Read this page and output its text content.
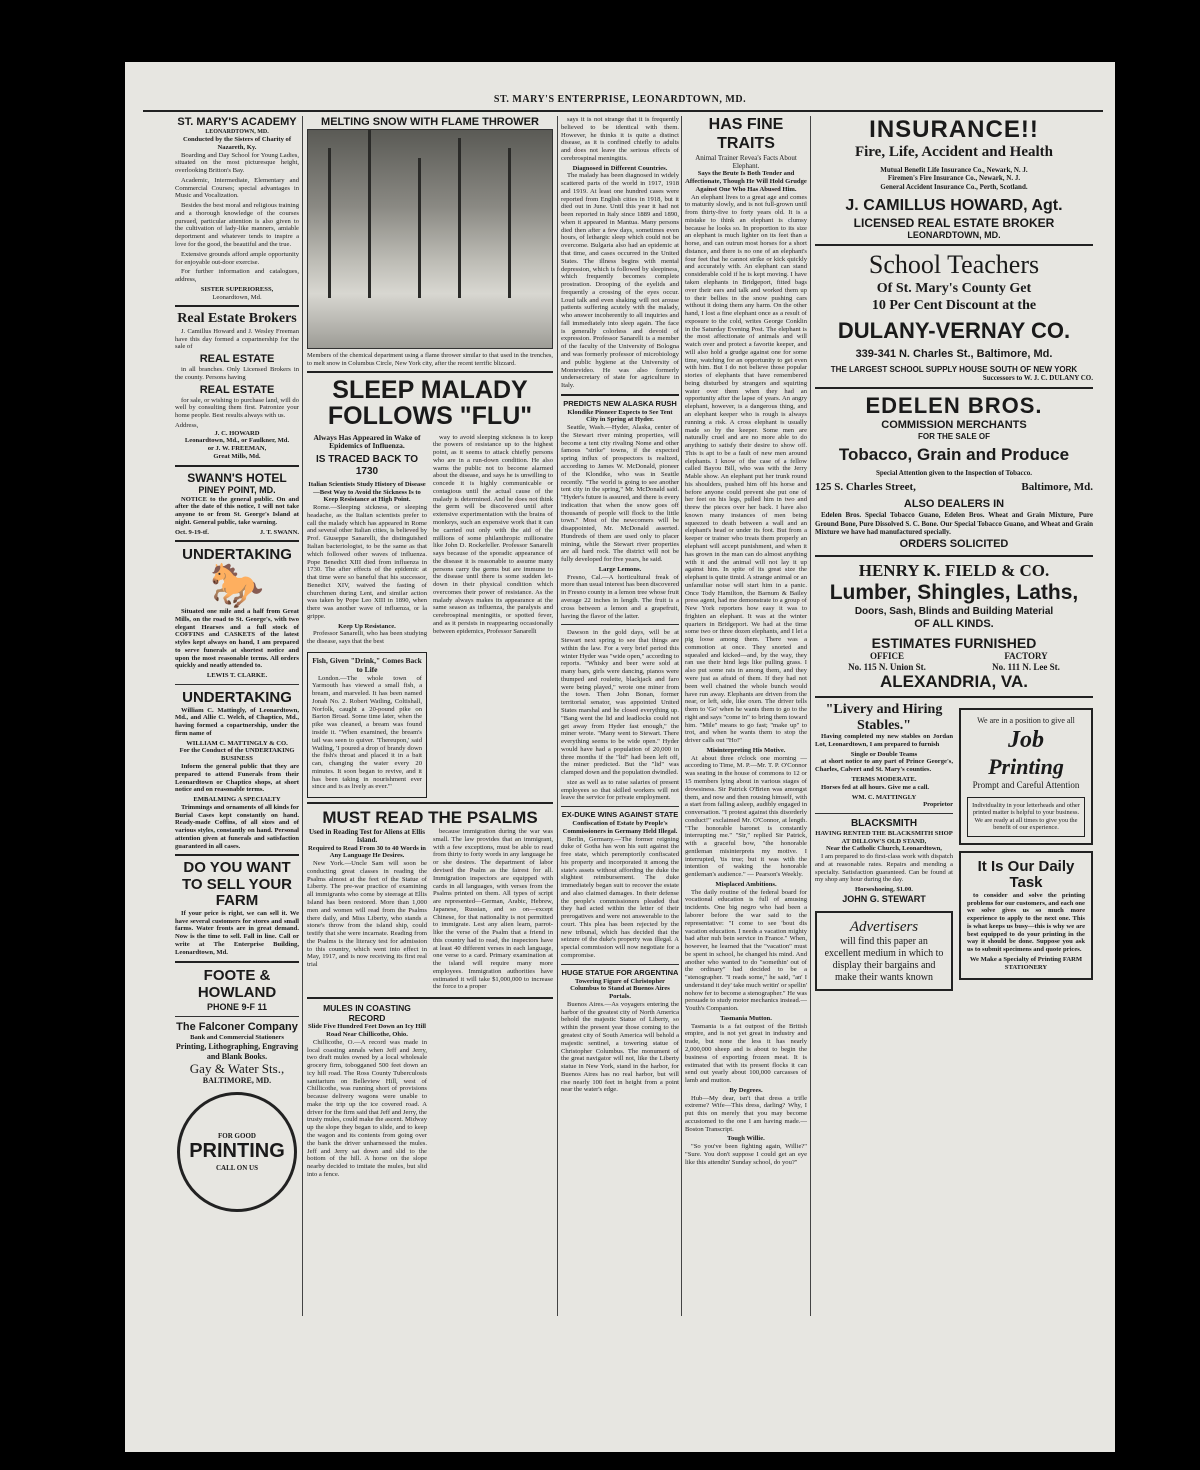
ST. MARY'S ENTERPRISE, LEONARDTOWN, MD.
ST. MARY'S ACADEMY
LEONARDTOWN, MD.
Conducted by the Sisters of Charity of Nazareth, Ky.

Boarding and Day School for Young Ladies, situated on the most picturesque height, overlooking Britton's Bay.

Academic, Intermediate, Elementary and Commercial Courses; special advantages in Music and Vocalization.

Besides the best moral and religious training and a thorough knowledge of the courses pursued, particular attention is also given to the cultivation of lady-like manners, amiable deportment and whatever tends to inspire a love for the good, the beautiful and the true.

Extensive grounds afford ample opportunity for enjoyable out-door exercise.

For further information and catalogues, address,

SISTER SUPERIORESS,
Leonardtown, Md.
Real Estate Brokers

J. Camillus Howard and J. Wesley Freeman have this day formed a copartnership for the sale of

REAL ESTATE

in all branches. Only Licensed Brokers in the county. Persons having

REAL ESTATE

for sale, or wishing to purchase land, will do well by consulting them first. Patronize your home people. Best results always with us.

Address,
J. C. HOWARD
Leonardtown, Md., or Faulkner, Md.
or J. W. FREEMAN,
Great Mills, Md.
SWANN'S HOTEL
PINEY POINT, MD.

NOTICE to the general public. On and after the date of this notice, I will not take anyone to or from St. George's Island at night. General public, take warning.

Oct. 9-19-tf.	J. T. SWANN.
UNDERTAKING
🐎

Situated one mile and a half from Great Mills, on the road to St. George's, with two elegant Hearses and a full stock of COFFINS and CASKETS of the latest styles kept always on hand, I am prepared to serve funerals at shortest notice and upon the most reasonable terms. All orders quickly and neatly attended to.

LEWIS T. CLARKE.
UNDERTAKING

William C. Mattingly, of Leonardtown, Md., and Allie C. Welch, of Chaptico, Md., having formed a copartnership, under the firm name of

WILLIAM C. MATTINGLY & CO.
For the Conduct of the UNDERTAKING BUSINESS

Inform the general public that they are prepared to attend Funerals from their Leonardtown or Chaptico shops, at short notice and on reasonable terms.

EMBALMING A SPECIALTY

Trimmings and ornaments of all kinds for Burial Cases kept constantly on hand. Ready-made Coffins, of all sizes and of various styles, constantly on hand. Personal attention given at funerals and satisfaction guaranteed in all cases.

DO YOU WANT TO SELL YOUR FARM

If your price is right, we can sell it. We have several customers for stores and small farms. Water fronts are in great demand. Now is the time to sell. Fall in line. Call or write at The Enterprise Building, Leonardtown, Md.

FOOTE & HOWLAND
PHONE 9-F 11
The Falconer Company
Bank and Commercial Stationers
Printing, Lithographing, Engraving and Blank Books.
Gay & Water Sts.,
BALTIMORE, MD.
FOR GOOD
PRINTING
CALL ON US
MELTING SNOW WITH FLAME THROWER
Members of the chemical department using a flame thrower similar to that used in the trenches, to melt snow in Columbus Circle, New York city, after the recent terrific blizzard.
SLEEP MALADY
FOLLOWS "FLU"
Always Has Appeared in Wake of Epidemics of Influenza.
IS TRACED BACK TO 1730
Italian Scientists Study History of Disease—Best Way to Avoid the Sickness Is to Keep Resistance at High Point.

Rome.—Sleeping sickness, or sleeping headache, as the Italian scientists prefer to call the malady which has appeared in Rome and several other Italian cities, is believed by Prof. Giuseppe Sanarelli, the distinguished Italian bacteriologist, to be the same as that which followed other waves of influenza. Pope Benedict XIII died from influenza in 1730. The after effects of the epidemic at that time were so baneful that his successor, Benedict XIV, waived the fasting of churchmen during Lent, and similar action was taken by Pope Leo XIII in 1890, when there was another wave of influenza, or la grippe.

Keep Up Resistance.

Professor Sanarelli, who has been studying the disease, says that the best

way to avoid sleeping sickness is to keep the powers of resistance up to the highest point, as it seems to attack chiefly persons who are in a run-down condition. He also warns the public not to become alarmed about the disease, and says he is unwilling to concede it is highly communicable or contagious until the actual cause of the malady is determined. And he does not think the germ will be discovered until after extensive experimentation with the brains of monkeys, such an expensive work that it can be carried out only with the aid of the millions of some philanthropic millionaire like John D. Rockefeller. Professor Sanarelli says because of the sporadic appearance of the disease it is reasonable to assume many persons carry the germs but are immune to the disease until there is some sudden let-down in their physical condition which overcomes their power of resistance. As the malady always makes its appearance at the same season as influenza, the paralysis and cerebrospinal meningitis, or spotted fever, and as it persists in reappearing occasionally between epidemics, Professor Sanarelli

Fish, Given "Drink," Comes Back to Life

London.—The whole town of Yarmouth has viewed a small fish, a bream, and marveled. It has been named Jonah No. 2. Robert Watling, Coltishall, Norfolk, caught a 20-pound pike on Barton Broad. Some time later, when the pike was cleaned, a bream was found inside it. "When examined, the bream's tail was seen to quiver. 'Thereupon,' said Watling, 'I poured a drop of brandy down the fish's throat and placed it in a bait can, changing the water every 20 minutes. It soon began to revive, and it has been taking in nourishment ever since and is as lively as ever.'"

MUST READ THE PSALMS
Used in Reading Test for Aliens at Ellis Island.
Required to Read From 30 to 40 Words in Any Language He Desires.

New York.—Uncle Sam will soon be conducting great classes in reading the Psalms almost at the feet of the Statue of Liberty. The pre-war practice of examining all immigrants who come by steerage at Ellis Island has been restored. More than 1,000 men and women will read from the Psalms there daily, and Miss Liberty, who stands a stone's throw from the island ship, could testify that she were incarnate. Reading from the Psalms is the literacy test for admission to this country, which went into effect in May, 1917, and is now receiving its first real trial

because immigration during the war was small. The law provides that an immigrant, with a few exceptions, must be able to read from thirty to forty words in any language he or she desires. The department of labor devised the Psalm as the fairest for all. Immigration inspectors are equipped with cards in all languages, with verses from the Psalms printed on them. All types of script are represented—German, Arabic, Hebrew, Japanese, Russian, and so on—except Chinese, for that nationality is not permitted to immigrate. Lest any alien learn, parrot-like the verse of the Psalm that a friend in this country had to read, the inspectors have at least 40 different verses in each language, one verse to a card. Primary examination at the island will require many more employees. Immigration authorities have estimated it will take $1,000,000 to increase the force to a proper

MULES IN COASTING RECORD
Slide Five Hundred Feet Down an Icy Hill Road Near Chillicothe, Ohio.

Chillicothe, O.—A record was made in local coasting annals when Jeff and Jerry, two draft mules owned by a local wholesale grocery firm, tobogganed 500 feet down an icy hill road. The Ross County Tuberculosis sanitarium on Belleview Hill, west of Chillicothe, was running short of provisions because delivery wagons were unable to make the trip up the ice covered road. A driver for the firm said that Jeff and Jerry, the trusty mules, could make the ascent. Midway up the slope they began to slide, and to keep the wagon and its contents from going over the bank the driver unharnessed the mules. Jeff and Jerry sat down and slid to the bottom of the hill. A horse on the slope nearby decided to imitate the mules, but slid into a fence.

says it is not strange that it is frequently believed to be identical with them. However, he thinks it is quite a distinct disease, as it is confined chiefly to adults and does not leave the serious effects of cerebrospinal meningitis.

Diagnosed in Different Countries.

The malady has been diagnosed in widely scattered parts of the world in 1917, 1918 and 1919. At least one hundred cases were reported from English cities in 1918, but it died out in June. Until this year it had not been reported in Italy since 1889 and 1890, when it appeared in Mantua. Many persons died then after a few days, sometimes even hours, of lethargic sleep which could not be overcome. Bulgaria also had an epidemic at that time, and cases occurred in the United States. The illness begins with mental depression, which is followed by sleepiness, which frequently becomes complete prostration. Drooping of the eyelids and frequently a crossing of the eyes occur. Loud talk and even shaking will not arouse patients suffering acutely with the malady, who answer incoherently to all inquiries and fall immediately into sleep again. The face is generally colorless and devoid of expression. Professor Sanarelli is a member of the faculty of the University of Bologna and was formerly professor of microbiology and public hygiene at the University of Montevideo. He was also formerly undersecretary of state for agriculture in Italy.

PREDICTS NEW ALASKA RUSH
Klondike Pioneer Expects to See Tent City in Spring at Hyder.

Seattle, Wash.—Hyder, Alaska, center of the Stewart river mining properties, will become a tent city rivaling Nome and other famous "strike" towns, if the expected spring influx of prospectors is realized, according to James W. McDonald, pioneer of the Klondike, who was in Seattle recently. "The world is going to see another tent city in the spring," Mr. McDonald said. "Hyder's future is assured, and there is every indication that when the snow goes off thousands of people will flock to the little town." Most of the newcomers will be disappointed, Mr. McDonald asserted. Hundreds of them are used only to placer mining, while the Stewart river properties are all hard rock. The district will not be fully developed for five years, he said.

Large Lemons.

Fresno, Cal.—A horticultural freak of more than usual interest has been discovered in Fresno county in a lemon tree whose fruit average 22 inches in length. The fruit is a cross between a lemon and a grapefruit, having the flavor of the latter.

Dawson in the gold days, will be at Stewart next spring to see that things are within the law. For a very brief period this winter Hyder was "wide open," according to reports. "Whisky and beer were sold at many bars, girls were dancing, pianos were thumped and roulette, blackjack and faro were being played," wrote one miner from the town. Then John Bonan, former territorial senator, was appointed United States marshal and he closed everything up. "Bang went the lid and leadlocks could not get away from Hyder fast enough," the miner wrote. "Many went to Stewart. There everything seems to be wide open." Hyder would have had a population of 20,000 in three months if the "lid" had been left off, the miner predicted. But the "lid" was clamped down and the population dwindled.

size as well as to raise salaries of present employees so that skilled workers will not leave the service for private employment.

EX-DUKE WINS AGAINST STATE
Confiscation of Estate by People's Commissioners in Germany Held Illegal.

Berlin, Germany.—The former reigning duke of Gotha has won his suit against the free state, which peremptorily confiscated his property and incorporated it among the state's assets without affording the duke the slightest reimbursement. The duke immediately began suit to recover the estate and also claimed damages. In their defense the people's commissioners pleaded that they had acted within the letter of their prerogatives and were not answerable to the court. This plea has been rejected by the new tribunal, which has decided that the seizure of the duke's property was illegal. A special commission will now negotiate for a compromise.

HUGE STATUE FOR ARGENTINA
Towering Figure of Christopher Columbus to Stand at Buenos Aires Portals.

Buenos Aires.—As voyagers entering the harbor of the greatest city of North America behold the majestic Statue of Liberty, so within the present year those coming to the greatest city of South America will behold a majestic sentinel, a towering statue of Christopher Columbus. The monument of the great navigator will not, like the Liberty statue in New York, stand in the harbor, for Buenos Aires has no real harbor, but will rise nearly 100 feet in height from a point near the water's edge.

HAS FINE TRAITS
Animal Trainer Revea's Facts About Elephant.
Says the Brute Is Both Tender and Affectionate, Though He Will Hold Grudge Against One Who Has Abused Him.

An elephant lives to a great age and comes to maturity slowly, and is not full-grown until from thirty-five to forty years old. It is a mistake to think an elephant is clumsy because he looks so. In proportion to its size an elephant is much lighter on its feet than a horse, and can outrun most horses for a short distance, and there is no one of an elephant's four feet that he cannot strike or kick quickly and accurately with. An elephant can stand considerable cold if he is kept moving. I have taken elephants in Bridgeport, fitted bags over their ears and talk and worked them up to their bellies in the snow pushing cars without it doing them any harm. On the other hand, I lost a fine elephant once as a result of exposure to the cold, writes George Conklin in the Saturday Evening Post. The elephant is the most affectionate of animals and will watch over and protect a favorite keeper, and will also hold a grudge against one for some time, watching for an opportunity to get even with him. But I do not believe those popular stories of elephants that have remembered being disturbed by strangers and squirting water over them when they had an opportunity after the lapse of years. An angry elephant, however, is a dangerous thing, and an elephant keeper who is rough is always running a risk. A cross elephant is usually made so by the keeper. Some men are naturally cruel and are no more able to do anything to satisfy their desire to show off. This is apt to be a fault of new men around elephants. I know of the case of a fellow called Bayou Bill, who was with the Jerry Mable show. An elephant put her trunk round his shoulders, pushed him off his horse and before anyone could prevent she put one of her feet on his legs, pulled him in two and threw the pieces over her back. I have also known many instances of men being squeezed to death between a wall and an elephant's head or under its foot. But from a keeper or trainer who treats them properly an elephant will accept punishment, and when it has grown in the man can do almost anything with it and the animal will not lay it up against him. In spite of its great size the elephant is quite timid. A strange animal or an unfamiliar noise will start him in a panic. Once Tody Hamilton, the Barnum & Bailey press agent, had me demonstrate to a group of New York reporters how easy it was to frighten an elephant. It was at the winter quarters in Bridgeport. We had at the time some two or three dozen elephants, and I let a pig loose among them. There was a commotion at once. They snorted and squealed and kicked—and, by the way, they ran use their hind legs like pulling grass. I also put some rats in among them, and they were just as afraid of them. If they had not been well chained the whole bunch would have run away. Elephants are driven from the near, or left, side, like oxen. The driver tells them to 'Go' when he wants them to go to the right and says "come in" to bring them toward him. "Mile" means to go fast; "make up" to trot, and when he wants them to stop the driver calls out "Ho!"

Misinterpreting His Motive.

At about three o'clock one morning —according to Time, M. P.—Mr. T. P. O'Connor was seating in the house of commons to 12 or 15 members lying about in various stages of drowsiness. Sir Patrick O'Brien was amongst them, and now and then rousing himself, with a start from falling asleep, audibly engaged in conversation. "I protest against this disorderly conduct!" exclaimed Mr. O'Connor, at length. "The honorable baronet is constantly interrupting me." "Sir," replied Sir Patrick, with a graceful bow, "the honorable gentleman misinterprets my motive. I interrupted, 'tis true; but it was with the intention of waking the honorable gentleman's audience." — Pearson's Weekly.

Misplaced Ambitions.

The daily routine of the federal board for vocational education is full of amusing incidents. One big negro who had been a laborer before the war said to the representative: "I come to see 'bout dis vacation education. I needs a vacation mighty bad after nuh bein service in France." When, however, he learned that the "vacation" must be spent in school, he changed his mind. And another who wanted to do "somethin' out of the ordinary" had decided to be a "stenographer. "I reads some," he said, "an' I understand it dey' take much writin' or spellin' nohow fer to become a stenographer." He was persuade to study motor mechanics instead.—Youth's Companion.

Tasmania Mutton.

Tasmania is a fat outpost of the British empire, and is not yet great in industry and trade, but none the less it has nearly 2,000,000 sheep and is about to begin the business of exporting frozen meat. It is estimated that with its present flocks it can send out yearly about 100,000 carcasses of lamb and mutton.

By Degrees.

Hub—My dear, isn't that dress a trifle extreme? Wife—This dress, darling? Why, I put this on merely that you may become accustomed to the one I am having made.—Boston Transcript.

Tough Willie.

"So you've been fighting again, Willie?" "Sure. You don't suppose I could get an eye like this attendin' Sunday school, do you?"

INSURANCE!!
Fire, Life, Accident and Health
Mutual Benefit Life Insurance Co., Newark, N. J.
Firemen's Fire Insurance Co., Newark, N. J.
General Accident Insurance Co., Perth, Scotland.
J. CAMILLUS HOWARD, Agt.
LICENSED REAL ESTATE BROKER
LEONARDTOWN, MD.
School Teachers
Of St. Mary's County Get
10 Per Cent Discount at the
DULANY-VERNAY CO.
339-341 N. Charles St., Baltimore, Md.
THE LARGEST SCHOOL SUPPLY HOUSE SOUTH OF NEW YORK
Successors to W. J. C. DULANY CO.
EDELEN BROS.
COMMISSION MERCHANTS
FOR THE SALE OF
Tobacco, Grain and Produce
Special Attention given to the Inspection of Tobacco.
125 S. Charles Street,	Baltimore, Md.
ALSO DEALERS IN

Edelen Bros. Special Tobacco Guano, Edelen Bros. Wheat and Grain Mixture, Pure Ground Bone, Pure Dissolved S. C. Bone. Our Special Tobacco Guano, and Wheat and Grain Mixture we have had manufactured specially.

ORDERS SOLICITED
HENRY K. FIELD & CO.
Lumber, Shingles, Laths,
Doors, Sash, Blinds and Building Material
OF ALL KINDS.
ESTIMATES FURNISHED
OFFICE
No. 115 N. Union St.
FACTORY
No. 111 N. Lee St.
ALEXANDRIA, VA.
"Livery and Hiring Stables."

Having completed my new stables on Jordan Lot, Leonardtown, I am prepared to furnish

Single or Double Teams

at short notice to any part of Prince George's, Charles, Calvert and St. Mary's counties.

TERMS MODERATE.

Horses fed at all hours. Give me a call.

WM. C. MATTINGLY
Proprietor
BLACKSMITH
HAVING RENTED THE BLACKSMITH SHOP AT DILLOW'S OLD STAND,
Near the Catholic Church, Leonardtown,

I am prepared to do first-class work with dispatch and at reasonable rates. Repairs and mending a specialty. Satisfaction guaranteed. Can be found at my shop any hour during the day.

Horseshoeing, $1.00.
JOHN G. STEWART
Advertisers
will find this paper an excellent medium in which to display their bargains and make their wants known
We are in a position to give all
Job
Printing
Prompt and Careful Attention
Individuality in your letterheads and other printed matter is helpful to your business. We are ready at all times to give you the benefit of our experience.
It Is Our Daily Task

to consider and solve the printing problems for our customers, and each one we solve gives us so much more experience to apply to the next one. This is what keeps us busy—this is why we are best equipped to do your printing in the way it should be done. Suppose you ask us to submit specimens and quote prices.

We Make a Specialty of Printing FARM STATIONERY
